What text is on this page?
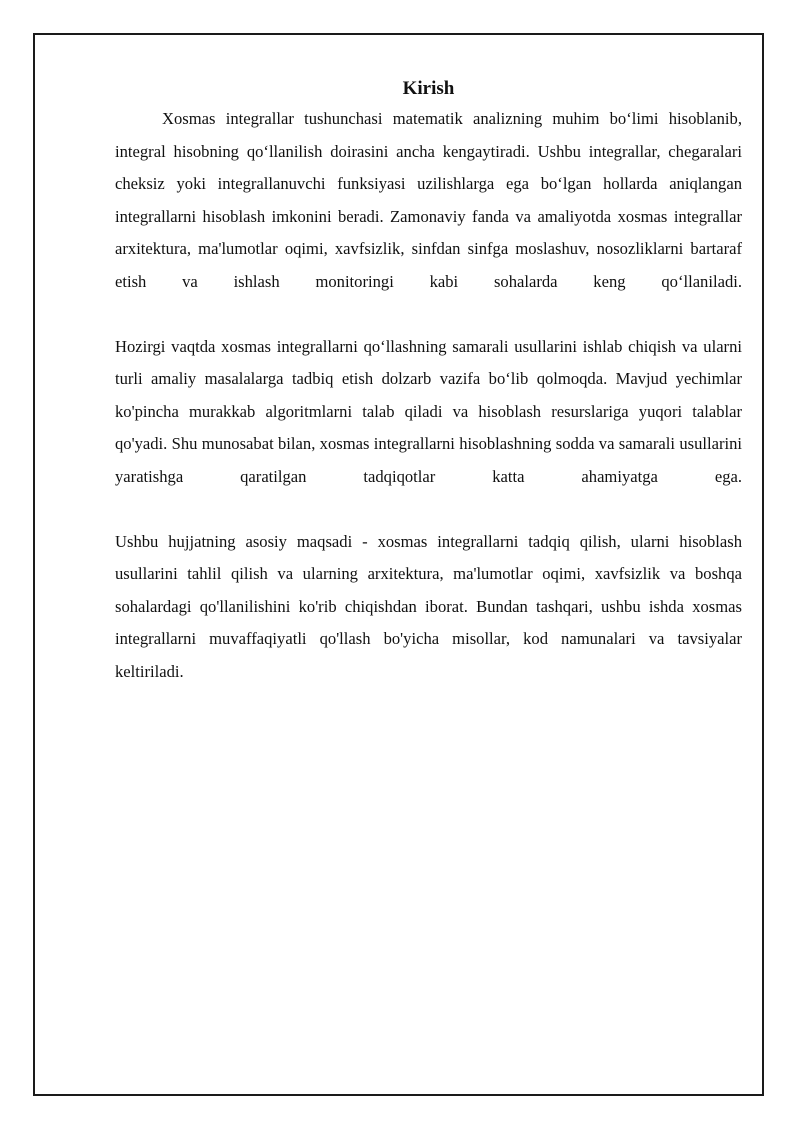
Kirish

Xosmas integrallar tushunchasi matematik analizning muhim bo‘limi hisoblanib, integral hisobning qo‘llanilish doirasini ancha kengaytiradi. Ushbu integrallar, chegaralari cheksiz yoki integrallanuvchi funksiyasi uzilishlarga ega bo‘lgan hollarda aniqlangan integrallarni hisoblash imkonini beradi. Zamonaviy fanda va amaliyotda xosmas integrallar arxitektura, ma'lumotlar oqimi, xavfsizlik, sinfdan sinfga moslashuv, nosozliklarni bartaraf etish va ishlash monitoringi kabi sohalarda keng qo‘llaniladi.

Hozirgi vaqtda xosmas integrallarni qo‘llashning samarali usullarini ishlab chiqish va ularni turli amaliy masalalarga tadbiq etish dolzarb vazifa bo‘lib qolmoqda. Mavjud yechimlar ko'pincha murakkab algoritmlarni talab qiladi va hisoblash resurslariga yuqori talablar qo'yadi. Shu munosabat bilan, xosmas integrallarni hisoblashning sodda va samarali usullarini yaratishga qaratilgan tadqiqotlar katta ahamiyatga ega.

Ushbu hujjatning asosiy maqsadi - xosmas integrallarni tadqiq qilish, ularni hisoblash usullarini tahlil qilish va ularning arxitektura, ma'lumotlar oqimi, xavfsizlik va boshqa sohalardagi qo'llanilishini ko'rib chiqishdan iborat. Bundan tashqari, ushbu ishda xosmas integrallarni muvaffaqiyatli qo'llash bo'yicha misollar, kod namunalari va tavsiyalar keltiriladi.
